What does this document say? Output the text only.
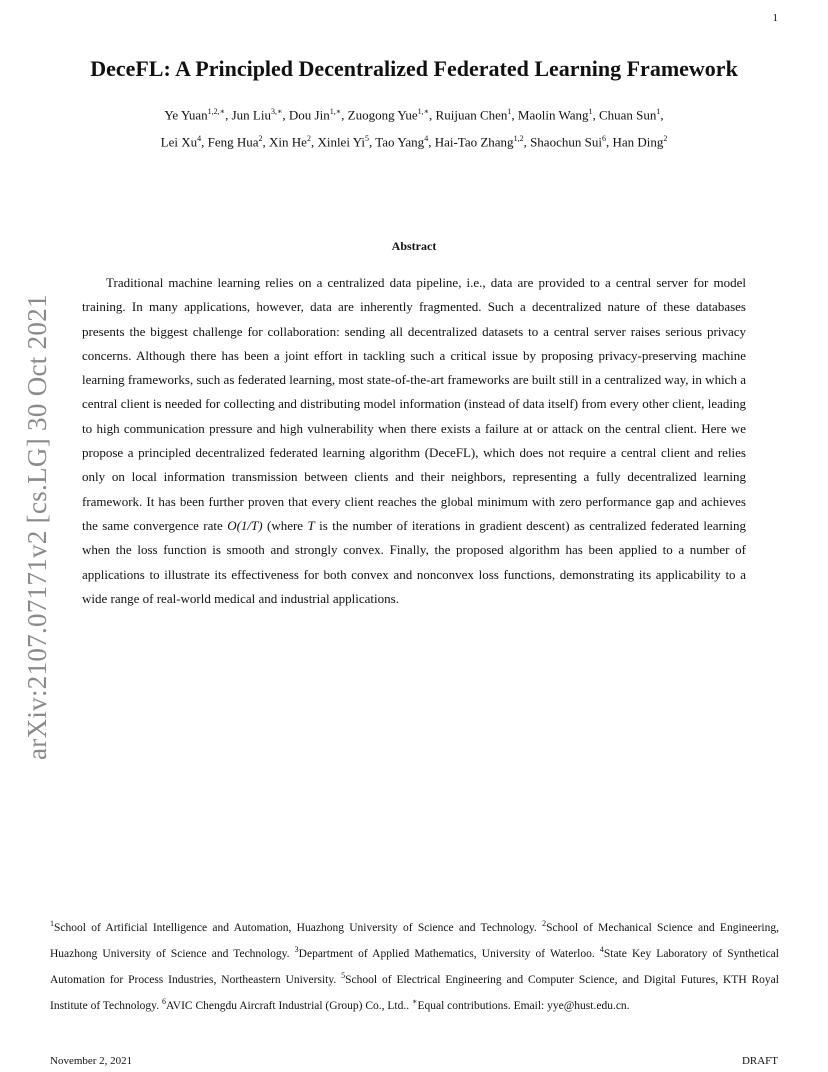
1
arXiv:2107.07171v2 [cs.LG] 30 Oct 2021
DeceFL: A Principled Decentralized Federated Learning Framework
Ye Yuan$^{1,2,∗}$, Jun Liu$^{3,∗}$, Dou Jin$^{1,∗}$, Zuogong Yue$^{1,∗}$, Ruijuan Chen$^1$, Maolin Wang$^1$, Chuan Sun$^1$,
Lei Xu$^4$, Feng Hua$^2$, Xin He$^2$, Xinlei Yi$^5$, Tao Yang$^4$, Hai-Tao Zhang$^{1,2}$, Shaochun Sui$^6$, Han Ding$^2$
Abstract

Traditional machine learning relies on a centralized data pipeline, i.e., data are provided to a central server for model training. In many applications, however, data are inherently fragmented. Such a decentralized nature of these databases presents the biggest challenge for collaboration: sending all decentralized datasets to a central server raises serious privacy concerns. Although there has been a joint effort in tackling such a critical issue by proposing privacy-preserving machine learning frameworks, such as federated learning, most state-of-the-art frameworks are built still in a centralized way, in which a central client is needed for collecting and distributing model information (instead of data itself) from every other client, leading to high communication pressure and high vulnerability when there exists a failure at or attack on the central client. Here we propose a principled decentralized federated learning algorithm (DeceFL), which does not require a central client and relies only on local information transmission between clients and their neighbors, representing a fully decentralized learning framework. It has been further proven that every client reaches the global minimum with zero performance gap and achieves the same convergence rate O(1/T) (where T is the number of iterations in gradient descent) as centralized federated learning when the loss function is smooth and strongly convex. Finally, the proposed algorithm has been applied to a number of applications to illustrate its effectiveness for both convex and nonconvex loss functions, demonstrating its applicability to a wide range of real-world medical and industrial applications.

$^1$School of Artificial Intelligence and Automation, Huazhong University of Science and Technology. $^2$School of Mechanical Science and Engineering, Huazhong University of Science and Technology. $^3$Department of Applied Mathematics, University of Waterloo. $^4$State Key Laboratory of Synthetical Automation for Process Industries, Northeastern University. $^5$School of Electrical Engineering and Computer Science, and Digital Futures, KTH Royal Institute of Technology. $^6$AVIC Chengdu Aircraft Industrial (Group) Co., Ltd.. ∗Equal contributions. Email: yye@hust.edu.cn.
November 2, 2021	DRAFT
